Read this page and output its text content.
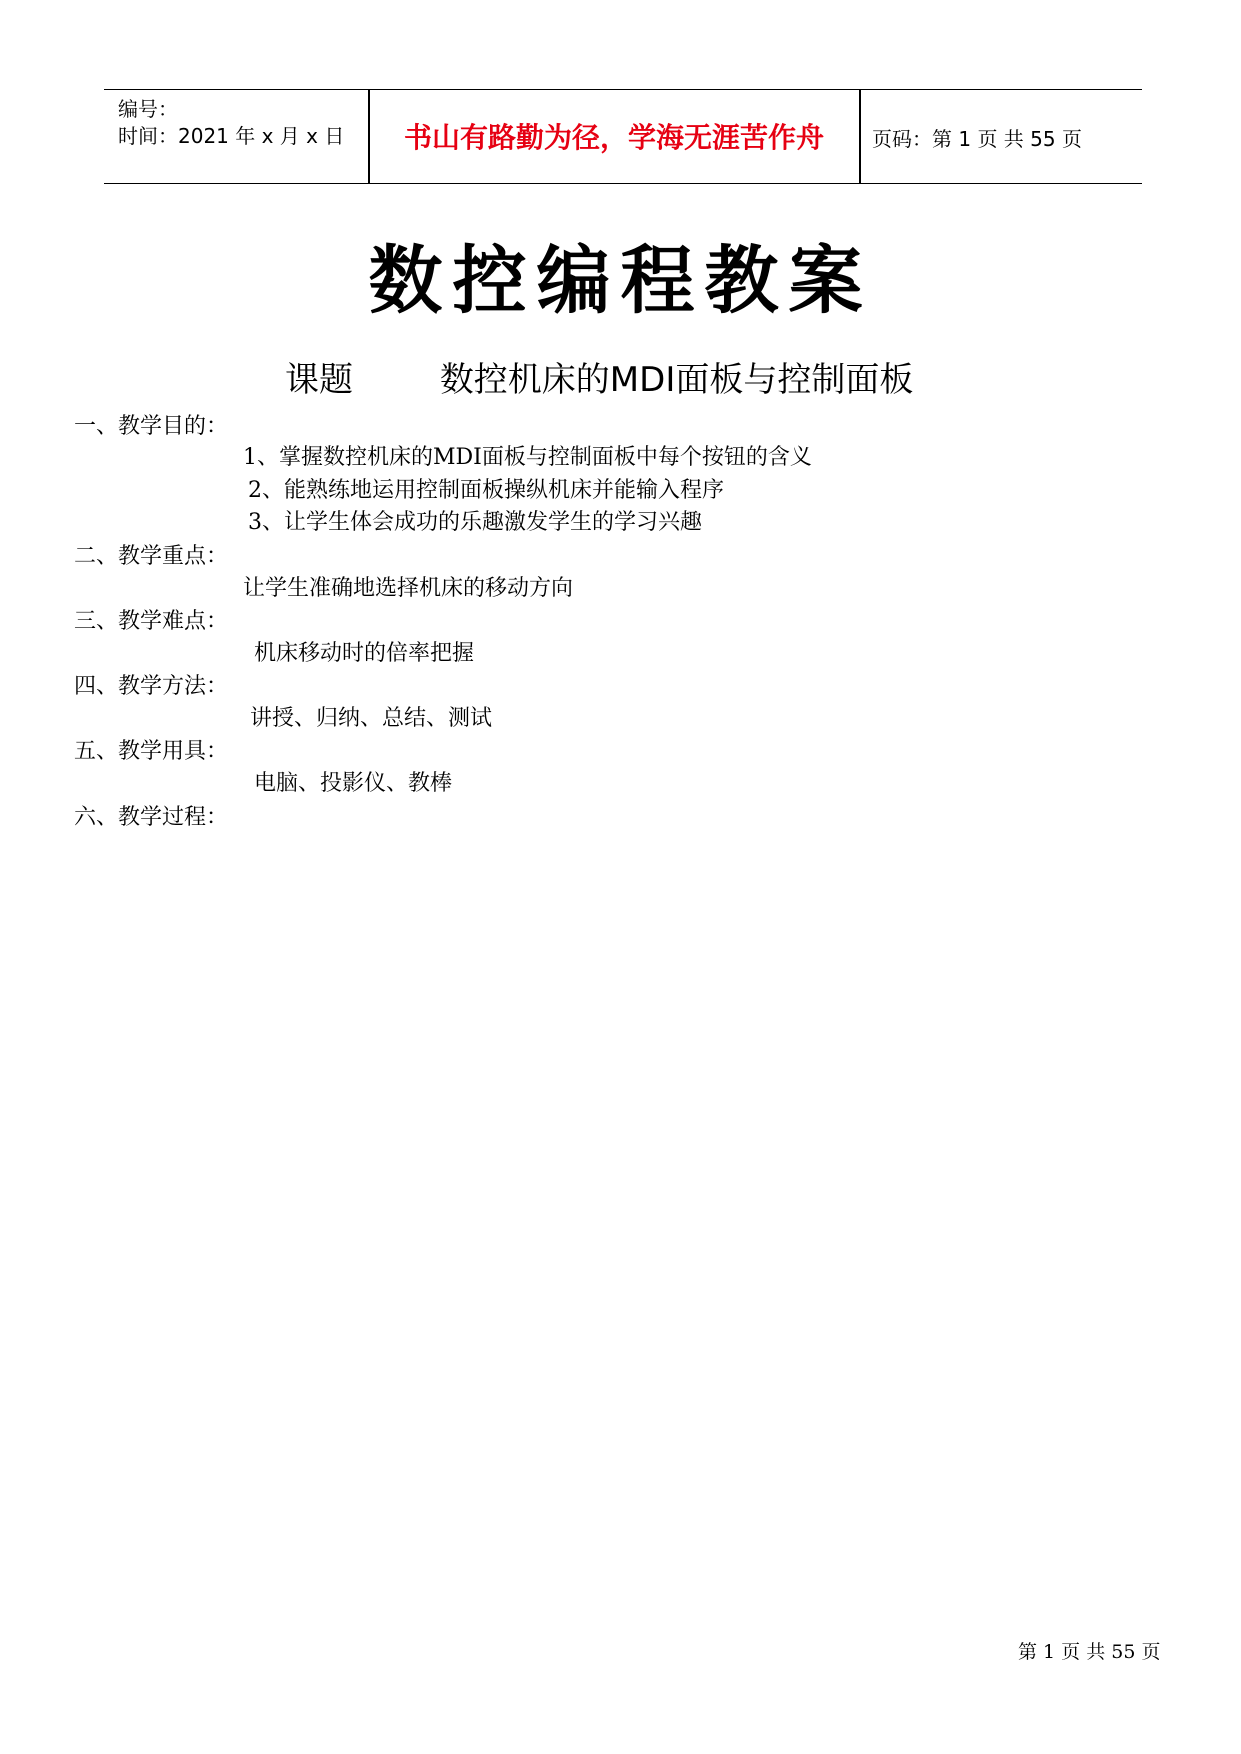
编号：
时间：2021 年 x 月 x 日	书山有路勤为径，学海无涯苦作舟	页码：第 1 页 共 55 页
数控编程教案
课题	数控机床的MDI面板与控制面板
一、教学目的：
1、掌握数控机床的MDI面板与控制面板中每个按钮的含义
2、能熟练地运用控制面板操纵机床并能输入程序
3、让学生体会成功的乐趣激发学生的学习兴趣
二、教学重点：
让学生准确地选择机床的移动方向
三、教学难点：
机床移动时的倍率把握
四、教学方法：
讲授、归纳、总结、测试
五、教学用具：
电脑、投影仪、教棒
六、教学过程：
第 1 页 共 55 页
